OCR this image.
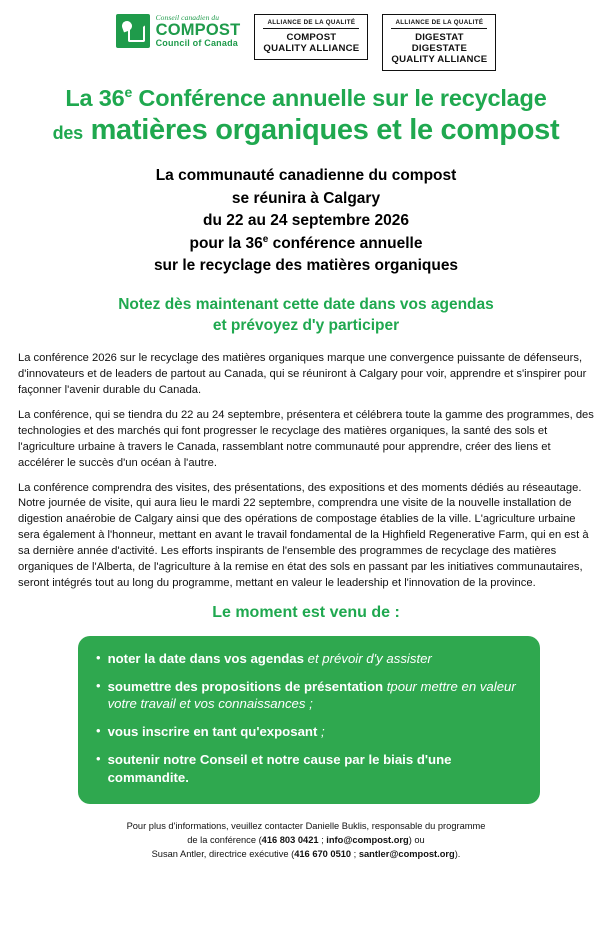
Conseil canadien du
COMPOST
Council of Canada
ALLIANCE DE LA QUALITÉ
COMPOST
QUALITY ALLIANCE
ALLIANCE DE LA QUALITÉ
DIGESTAT
DIGESTATE
QUALITY ALLIANCE
La 36e Conférence annuelle sur le recyclage
des matières organiques et le compost
La communauté canadienne du compost
se réunira à Calgary
du 22 au 24 septembre 2026
pour la 36e conférence annuelle
sur le recyclage des matières organiques
Notez dès maintenant cette date dans vos agendas
et prévoyez d'y participer

La conférence 2026 sur le recyclage des matières organiques marque une convergence puissante de défenseurs, d'innovateurs et de leaders de partout au Canada, qui se réuniront à Calgary pour voir, apprendre et s'inspirer pour façonner l'avenir durable du Canada.

La conférence, qui se tiendra du 22 au 24 septembre, présentera et célébrera toute la gamme des programmes, des technologies et des marchés qui font progresser le recyclage des matières organiques, la santé des sols et l'agriculture urbaine à travers le Canada, rassemblant notre communauté pour apprendre, créer des liens et accélérer le succès d'un océan à l'autre.

La conférence comprendra des visites, des présentations, des expositions et des moments dédiés au réseautage. Notre journée de visite, qui aura lieu le mardi 22 septembre, comprendra une visite de la nouvelle installation de digestion anaérobie de Calgary ainsi que des opérations de compostage établies de la ville. L'agriculture urbaine sera également à l'honneur, mettant en avant le travail fondamental de la Highfield Regenerative Farm, qui en est à sa dernière année d'activité. Les efforts inspirants de l'ensemble des programmes de recyclage des matières organiques de l'Alberta, de l'agriculture à la remise en état des sols en passant par les initiatives communautaires, seront intégrés tout au long du programme, mettant en valeur le leadership et l'innovation de la province.

Le moment est venu de :
• noter la date dans vos agendas et prévoir d'y assister
• soumettre des propositions de présentation tpour mettre en valeur votre travail et vos connaissances ;
• vous inscrire en tant qu'exposant ;
• soutenir notre Conseil et notre cause par le biais d'une commandite.
Pour plus d'informations, veuillez contacter Danielle Buklis, responsable du programme
de la conférence (416 803 0421 ; info@compost.org) ou
Susan Antler, directrice exécutive (416 670 0510 ; santler@compost.org).
